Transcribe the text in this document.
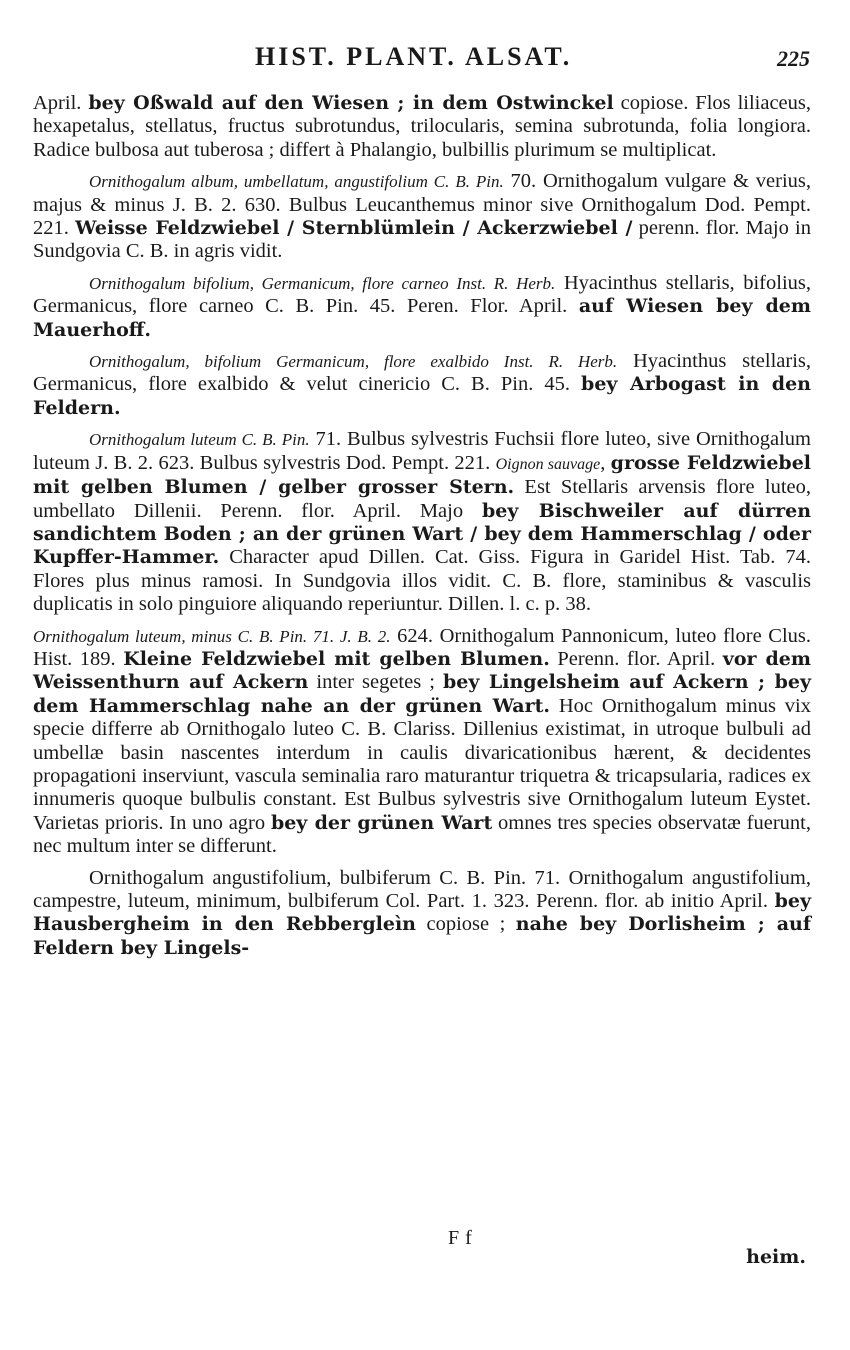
HIST. PLANT. ALSAT.	225

April. bey Oßwald auf den Wiesen ; in dem Ostwinckel copiose. Flos liliaceus, hexapetalus, stellatus, fructus subrotundus, trilocularis, semina subrotunda, folia longiora. Radice bulbosa aut tuberosa ; differt à Phalangio, bulbillis plurimum se multiplicat.

Ornithogalum album, umbellatum, angustifolium C. B. Pin. 70. Ornithogalum vulgare & verius, majus & minus J. B. 2. 630. Bulbus Leucanthemus minor sive Ornithogalum Dod. Pempt. 221. Weisse Feldzwiebel / Sternblümlein / Ackerzwiebel / perenn. flor. Majo in Sundgovia C. B. in agris vidit.

Ornithogalum bifolium, Germanicum, flore carneo Inst. R. Herb. Hyacinthus stellaris, bifolius, Germanicus, flore carneo C. B. Pin. 45. Peren. Flor. April. auf Wiesen bey dem Mauerhoff.

Ornithogalum, bifolium Germanicum, flore exalbido Inst. R. Herb. Hyacinthus stellaris, Germanicus, flore exalbido & velut cinericio C. B. Pin. 45. bey Arbogast in den Feldern.

Ornithogalum luteum C. B. Pin. 71. Bulbus sylvestris Fuchsii flore luteo, sive Ornithogalum luteum J. B. 2. 623. Bulbus sylvestris Dod. Pempt. 221. Oignon sauvage, grosse Feldzwiebel mit gelben Blumen / gelber grosser Stern. Est Stellaris arvensis flore luteo, umbellato Dillenii. Perenn. flor. April. Majo bey Bischweiler auf dürren sandichtem Boden ; an der grünen Wart / bey dem Hammerschlag / oder Kupffer-Hammer. Character apud Dillen. Cat. Giss. Figura in Garidel Hist. Tab. 74. Flores plus minus ramosi. In Sundgovia illos vidit. C. B. flore, staminibus & vasculis duplicatis in solo pinguiore aliquando reperiuntur. Dillen. l. c. p. 38.

Ornithogalum luteum, minus C. B. Pin. 71. J. B. 2. 624. Ornithogalum Pannonicum, luteo flore Clus. Hist. 189. Kleine Feldzwiebel mit gelben Blumen. Perenn. flor. April. vor dem Weissenthurn auf Ackern inter segetes ; bey Lingelsheim auf Ackern ; bey dem Hammerschlag nahe an der grünen Wart. Hoc Ornithogalum minus vix specie differre ab Ornithogalo luteo C. B. Clariss. Dillenius existimat, in utroque bulbuli ad umbellæ basin nascentes interdum in caulis divaricationibus hærent, & decidentes propagationi inserviunt, vascula seminalia raro maturantur triquetra & tricapsularia, radices ex innumeris quoque bulbulis constant. Est Bulbus sylvestris sive Ornithogalum luteum Eystet. Varietas prioris. In uno agro bey der grünen Wart omnes tres species observatæ fuerunt, nec multum inter se differunt.

Ornithogalum angustifolium, bulbiferum C. B. Pin. 71. Ornithogalum angustifolium, campestre, luteum, minimum, bulbiferum Col. Part. 1. 323. Perenn. flor. ab initio April. bey Hausbergheim in den Rebbergleìn copiose ; nahe bey Dorlisheim ; auf Feldern bey Lingels-

Ff
heim.
